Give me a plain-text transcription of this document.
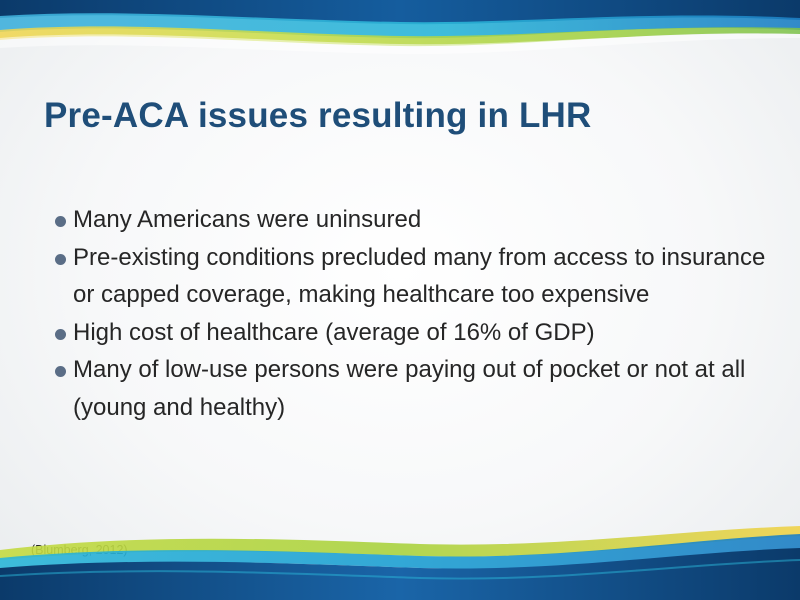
Pre-ACA issues resulting in LHR
Many Americans were uninsured
Pre-existing conditions precluded many from access to insurance or capped coverage, making healthcare too expensive
High cost of healthcare (average of 16% of GDP)
Many of low-use persons were paying out of pocket or not at all (young and healthy)
